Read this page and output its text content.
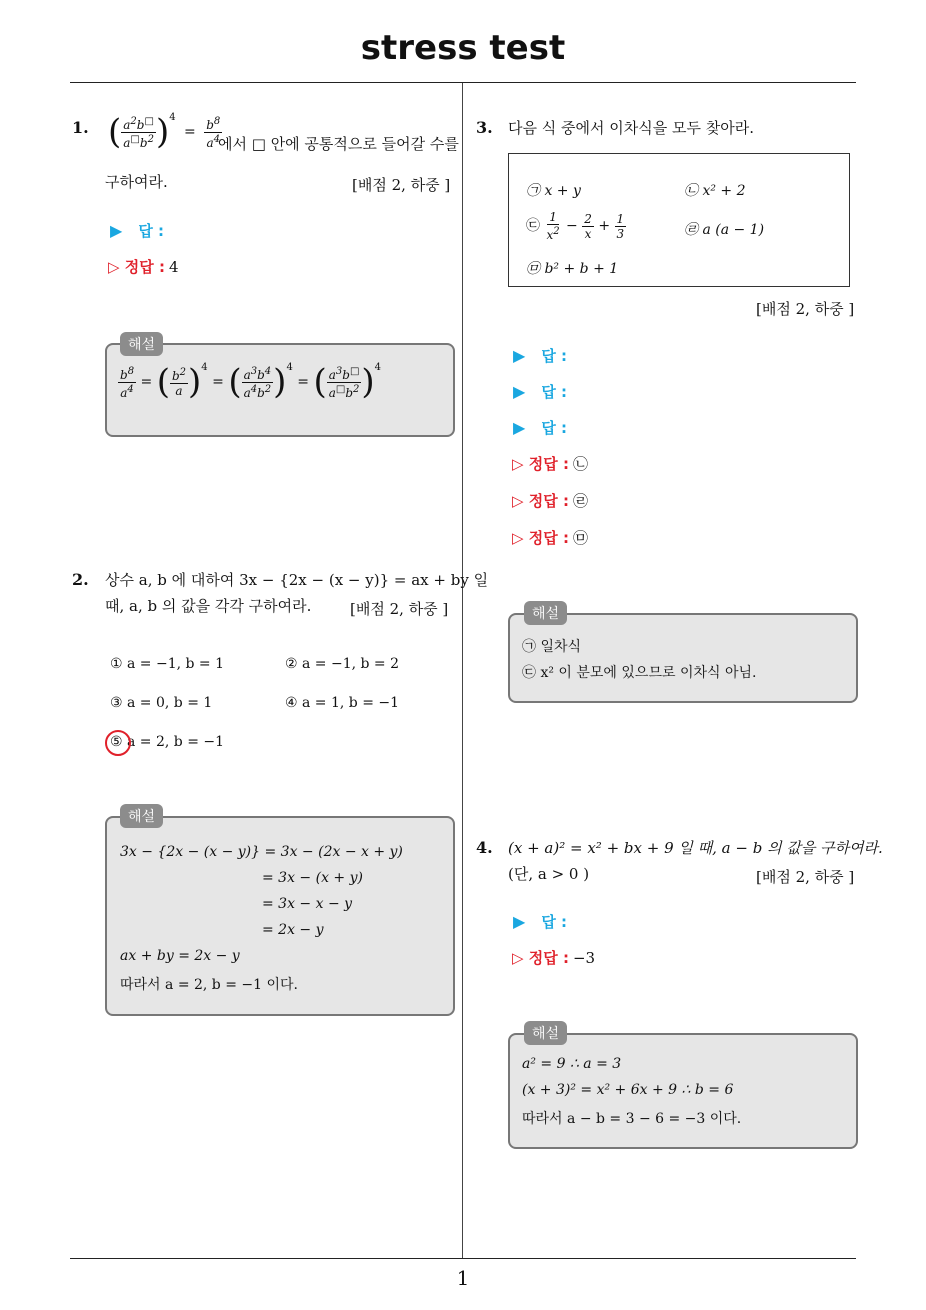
stress test
1. ( $\frac{a^2b^□}{a^□b^2} )^4 = \frac{b^8}{a^4}$
에서 □ 안에 공통적으로 들어갈 수를
구하여라.	[배점 2, 하중 ]
▶ 답 :
▷ 정답 : 4
해설
$\frac{b^8}{a^4}$ = ( $\frac{b^2}{a} )^4$ = ( $\frac{a^3b^4}{a^4b^2} )^4$ = ( $\frac{a^3b^□}{a^□b^2} )^4$
2. 상수 a, b 에 대하여 3x − {2x − (x − y)} = ax + by 일
때, a, b 의 값을 각각 구하여라.	[배점 2, 하중 ]
① a = −1, b = 1	② a = −1, b = 2
③ a = 0, b = 1	④ a = 1, b = −1
⑤ a = 2, b = −1
해설
3x − {2x − (x − y)} = 3x − (2x − x + y)
= 3x − (x + y)
= 3x − x − y
= 2x − y
ax + by = 2x − y
따라서 a = 2, b = −1 이다.
3. 다음 식 중에서 이차식을 모두 찾아라.
㉠ x + y	㉡ x² + 2
㉢ $\frac{1}{x^2} - \frac{2}{x} + \frac{1}{3}$	㉣ a (a − 1)
㉤ b² + b + 1
[배점 2, 하중 ]
▶ 답 :
▶ 답 :
▶ 답 :
▷ 정답 : ㉡
▷ 정답 : ㉣
▷ 정답 : ㉤
해설
㉠ 일차식
㉢ x² 이 분모에 있으므로 이차식 아님.
4. (x + a)² = x² + bx + 9 일 때, a − b 의 값을 구하여라.
(단, a > 0 )	[배점 2, 하중 ]
▶ 답 :
▷ 정답 : −3
해설
a² = 9 ∴ a = 3
(x + 3)² = x² + 6x + 9 ∴ b = 6
따라서 a − b = 3 − 6 = −3 이다.
1
